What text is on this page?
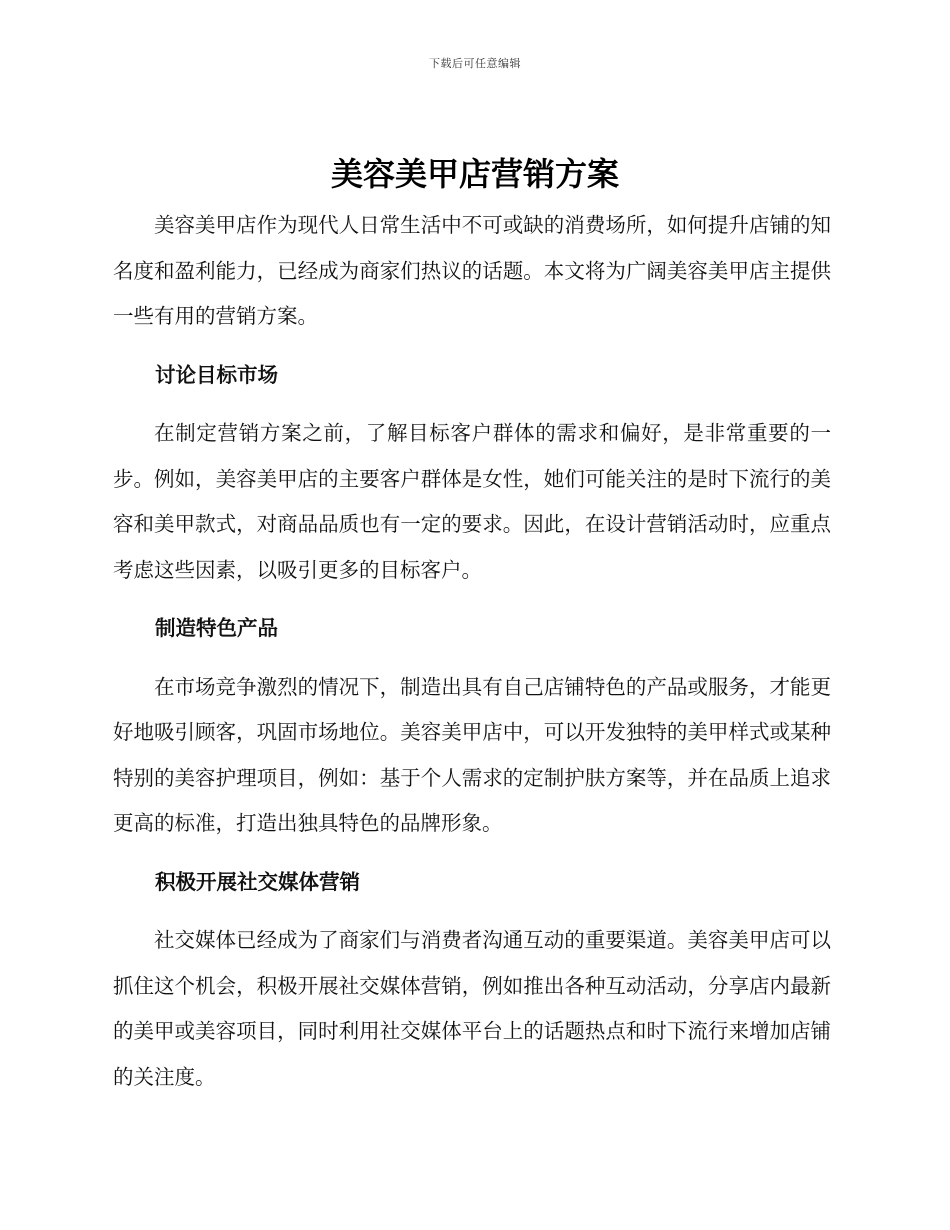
下载后可任意编辑
美容美甲店营销方案

美容美甲店作为现代人日常生活中不可或缺的消费场所，如何提升店铺的知名度和盈利能力，已经成为商家们热议的话题。本文将为广阔美容美甲店主提供一些有用的营销方案。

讨论目标市场

在制定营销方案之前，了解目标客户群体的需求和偏好，是非常重要的一步。例如，美容美甲店的主要客户群体是女性，她们可能关注的是时下流行的美容和美甲款式，对商品品质也有一定的要求。因此，在设计营销活动时，应重点考虑这些因素，以吸引更多的目标客户。

制造特色产品

在市场竞争激烈的情况下，制造出具有自己店铺特色的产品或服务，才能更好地吸引顾客，巩固市场地位。美容美甲店中，可以开发独特的美甲样式或某种特别的美容护理项目，例如：基于个人需求的定制护肤方案等，并在品质上追求更高的标准，打造出独具特色的品牌形象。

积极开展社交媒体营销

社交媒体已经成为了商家们与消费者沟通互动的重要渠道。美容美甲店可以抓住这个机会，积极开展社交媒体营销，例如推出各种互动活动，分享店内最新的美甲或美容项目，同时利用社交媒体平台上的话题热点和时下流行来增加店铺的关注度。
